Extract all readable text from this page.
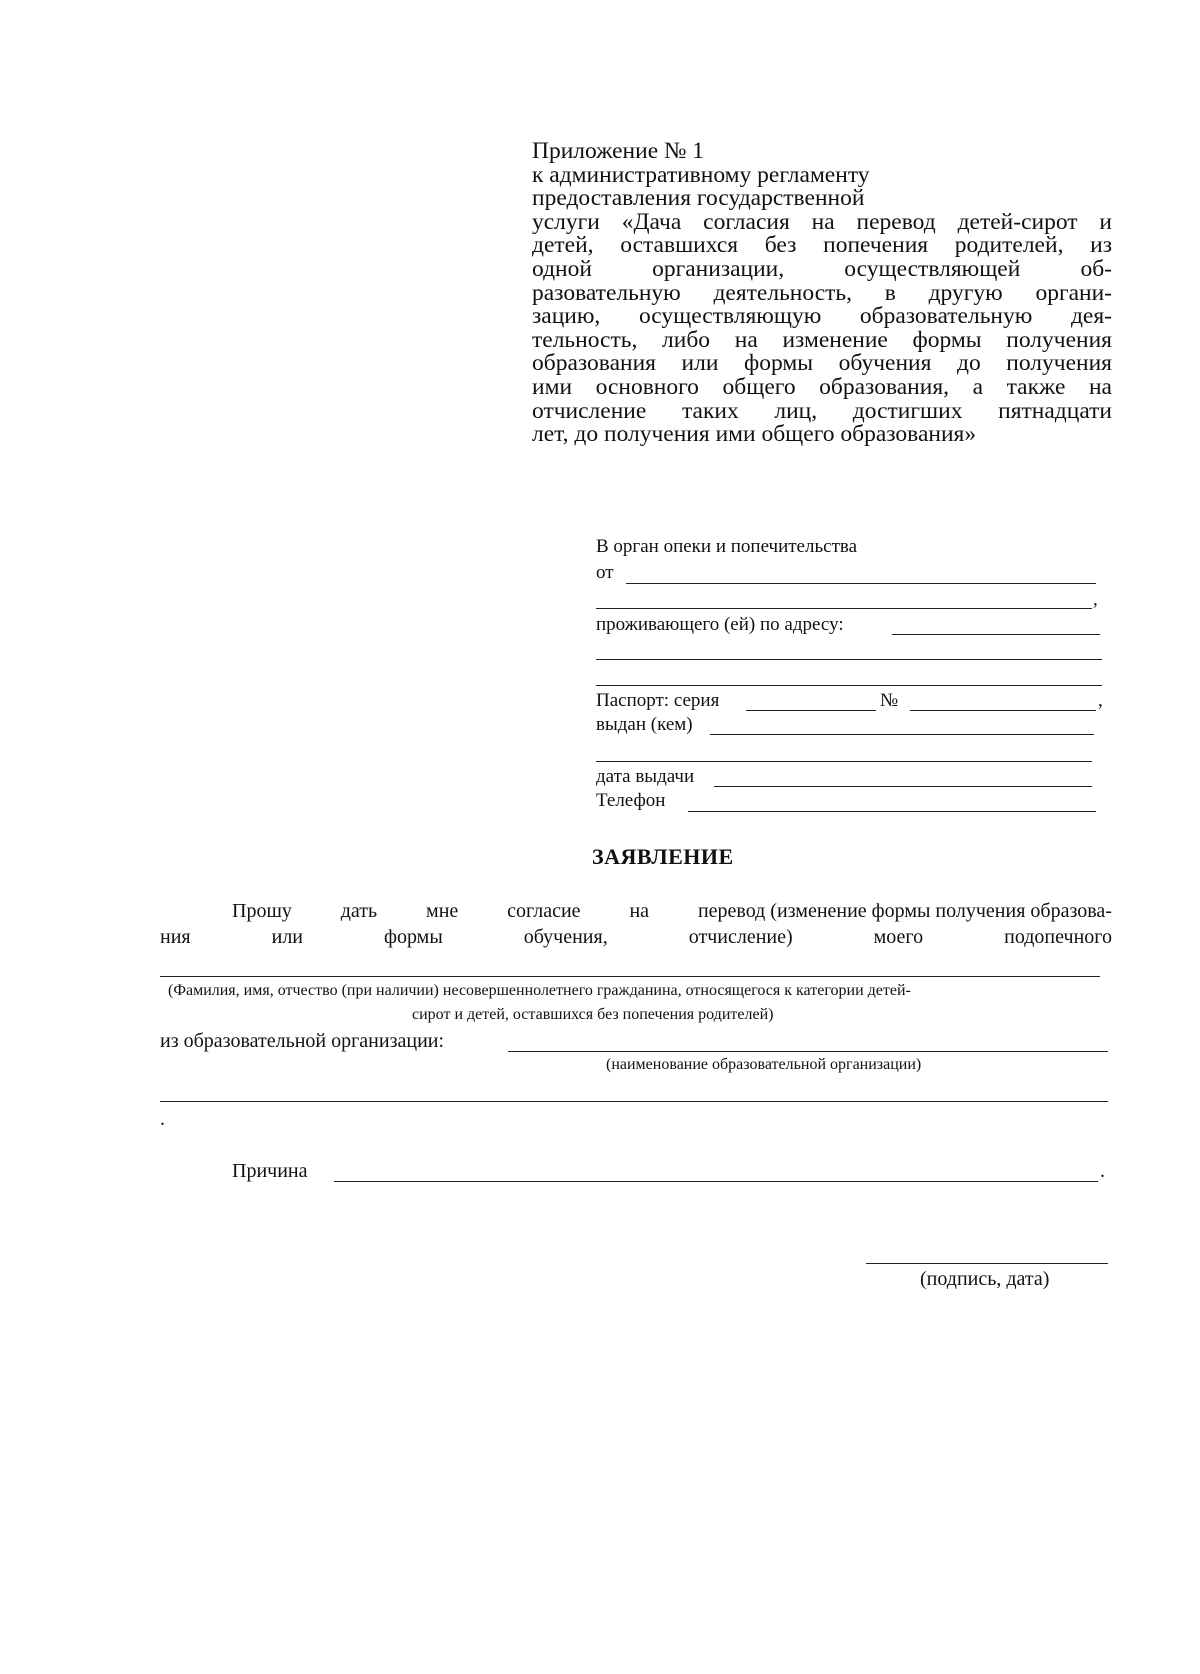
Приложение № 1
к административному регламенту
предоставления государственной
услуги «Дача согласия на перевод детей-сирот и
детей, оставшихся без попечения родителей, из
одной организации, осуществляющей об-
разовательную деятельность, в другую органи-
зацию, осуществляющую образовательную дея-
тельность, либо на изменение формы получения
образования или формы обучения до получения
ими основного общего образования, а также на
отчисление таких лиц, достигших пятнадцати
лет, до получения ими общего образования»
В орган опеки и попечительства
от
,
проживающего (ей) по адресу:
Паспорт: серия	№	,
выдан (кем)
дата выдачи
Телефон
ЗАЯВЛЕНИЕ
Прошу дать мне согласие на перевод (изменение формы получения образова-
ния	или	формы	обучения,	отчисление)	моего	подопечного
(Фамилия, имя, отчество (при наличии) несовершеннолетнего гражданина, относящегося к категории детей-
сирот и детей, оставшихся без попечения родителей)
из образовательной организации:
(наименование образовательной организации)
.
Причина	.
(подпись, дата)
